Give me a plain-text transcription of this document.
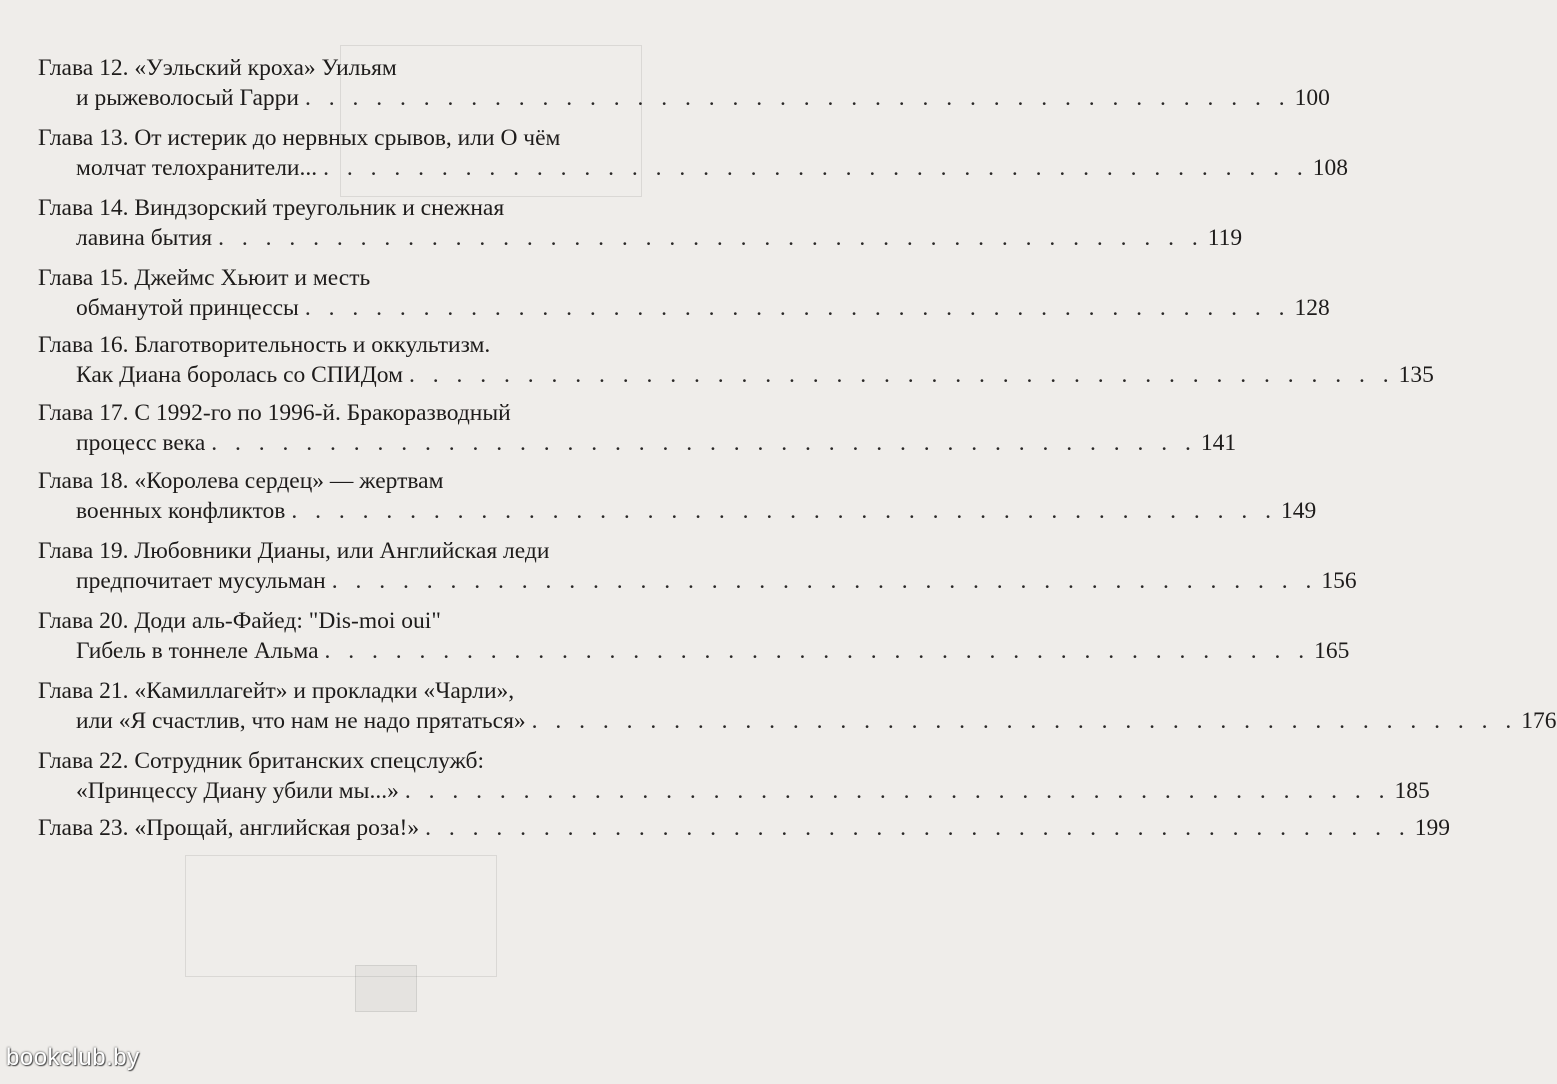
Глава 12. «Уэльский кроха» Уильям
и рыжеволосый Гарри . . . . . . . . . . . . . . . . . . . . . . . . . . . . . . . . . . . . . . . . . . 100
Глава 13. От истерик до нервных срывов, или О чём
молчат телохранители... . . . . . . . . . . . . . . . . . . . . . . . . . . . . . . . . . . . . . . . . . . 108
Глава 14. Виндзорский треугольник и снежная
лавина бытия . . . . . . . . . . . . . . . . . . . . . . . . . . . . . . . . . . . . . . . . . . 119
Глава 15. Джеймс Хьюит и месть
обманутой принцессы . . . . . . . . . . . . . . . . . . . . . . . . . . . . . . . . . . . . . . . . . . 128
Глава 16. Благотворительность и оккультизм.
Как Диана боролась со СПИДом . . . . . . . . . . . . . . . . . . . . . . . . . . . . . . . . . . . . . . . . . . 135
Глава 17. С 1992-го по 1996-й. Бракоразводный
процесс века . . . . . . . . . . . . . . . . . . . . . . . . . . . . . . . . . . . . . . . . . . 141
Глава 18. «Королева сердец» — жертвам
военных конфликтов . . . . . . . . . . . . . . . . . . . . . . . . . . . . . . . . . . . . . . . . . . 149
Глава 19. Любовники Дианы, или Английская леди
предпочитает мусульман . . . . . . . . . . . . . . . . . . . . . . . . . . . . . . . . . . . . . . . . . . 156
Глава 20. Доди аль-Файед: "Dis-moi oui"
Гибель в тоннеле Альма . . . . . . . . . . . . . . . . . . . . . . . . . . . . . . . . . . . . . . . . . . 165
Глава 21. «Камиллагейт» и прокладки «Чарли»,
или «Я счастлив, что нам не надо прятаться» . . . . . . . . . . . . . . . . . . . . . . . . . . . . . . . . . . . . . . . . . . 176
Глава 22. Сотрудник британских спецслужб:
«Принцессу Диану убили мы...» . . . . . . . . . . . . . . . . . . . . . . . . . . . . . . . . . . . . . . . . . . 185
Глава 23. «Прощай, английская роза!» . . . . . . . . . . . . . . . . . . . . . . . . . . . . . . . . . . . . . . . . . . 199
bookclub.by
